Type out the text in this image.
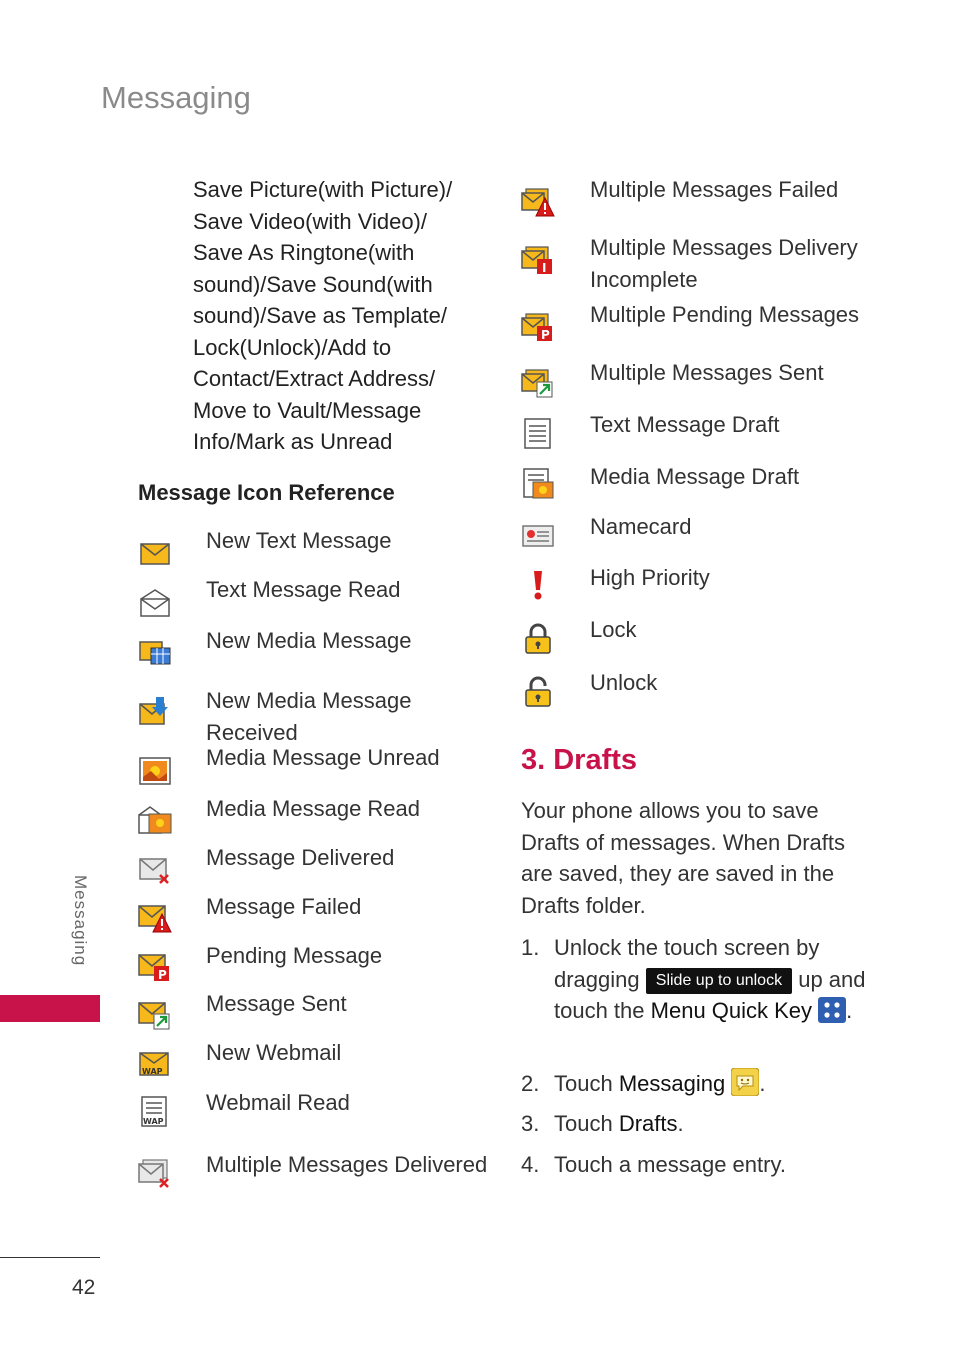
Messaging
Messaging
42
Save Picture(with Picture)/
Save Video(with Video)/
Save As Ringtone(with
sound)/Save Sound(with
sound)/Save as Template/
Lock(Unlock)/Add to
Contact/Extract Address/
Move to Vault/Message
Info/Mark as Unread
Message Icon Reference
New Text Message
Text Message Read
New Media Message
New Media Message Received
Media Message Unread
Media Message Read
Message Delivered
Message Failed
P
Pending Message
Message Sent
WAP
New Webmail
WAP
Webmail Read
Multiple Messages Delivered
Multiple Messages Failed
I
Multiple Messages Delivery Incomplete
P
Multiple Pending Messages
Multiple Messages Sent
Text Message Draft
Media Message Draft
Namecard
High Priority
Lock
Unlock
3. Drafts
Your phone allows you to save Drafts of messages. When Drafts are saved, they are saved in the Drafts folder.
1. Unlock the touch screen by dragging Slide up to unlock up and touch the Menu Quick Key .
2. Touch Messaging .
3. Touch Drafts.
4. Touch a message entry.
